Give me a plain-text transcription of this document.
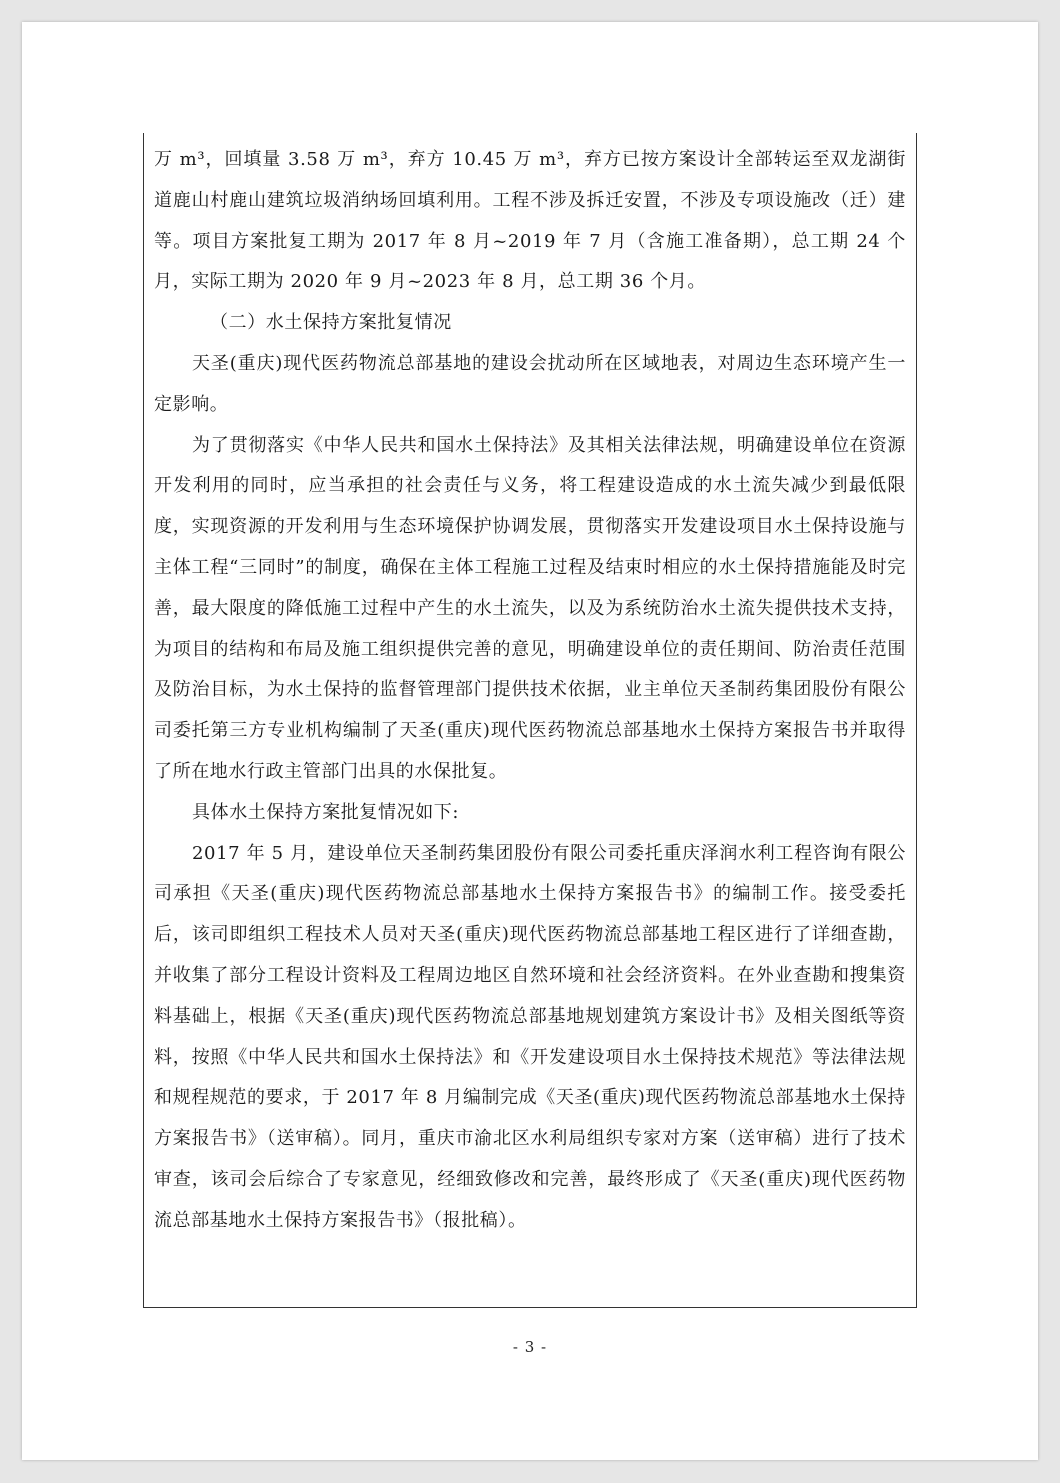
万 m³，回填量 3.58 万 m³，弃方 10.45 万 m³，弃方已按方案设计全部转运至双龙湖街道鹿山村鹿山建筑垃圾消纳场回填利用。工程不涉及拆迁安置，不涉及专项设施改（迁）建等。项目方案批复工期为 2017 年 8 月~2019 年 7 月（含施工准备期），总工期 24 个月，实际工期为 2020 年 9 月~2023 年 8 月，总工期 36 个月。

（二）水土保持方案批复情况

天圣(重庆)现代医药物流总部基地的建设会扰动所在区域地表，对周边生态环境产生一定影响。

为了贯彻落实《中华人民共和国水土保持法》及其相关法律法规，明确建设单位在资源开发利用的同时，应当承担的社会责任与义务，将工程建设造成的水土流失减少到最低限度，实现资源的开发利用与生态环境保护协调发展，贯彻落实开发建设项目水土保持设施与主体工程“三同时”的制度，确保在主体工程施工过程及结束时相应的水土保持措施能及时完善，最大限度的降低施工过程中产生的水土流失，以及为系统防治水土流失提供技术支持，为项目的结构和布局及施工组织提供完善的意见，明确建设单位的责任期间、防治责任范围及防治目标，为水土保持的监督管理部门提供技术依据，业主单位天圣制药集团股份有限公司委托第三方专业机构编制了天圣(重庆)现代医药物流总部基地水土保持方案报告书并取得了所在地水行政主管部门出具的水保批复。

具体水土保持方案批复情况如下:

2017 年 5 月，建设单位天圣制药集团股份有限公司委托重庆泽润水利工程咨询有限公司承担《天圣(重庆)现代医药物流总部基地水土保持方案报告书》的编制工作。接受委托后，该司即组织工程技术人员对天圣(重庆)现代医药物流总部基地工程区进行了详细查勘，并收集了部分工程设计资料及工程周边地区自然环境和社会经济资料。在外业查勘和搜集资料基础上，根据《天圣(重庆)现代医药物流总部基地规划建筑方案设计书》及相关图纸等资料，按照《中华人民共和国水土保持法》和《开发建设项目水土保持技术规范》等法律法规和规程规范的要求，于 2017 年 8 月编制完成《天圣(重庆)现代医药物流总部基地水土保持方案报告书》（送审稿）。同月，重庆市渝北区水利局组织专家对方案（送审稿）进行了技术审查，该司会后综合了专家意见，经细致修改和完善，最终形成了《天圣(重庆)现代医药物流总部基地水土保持方案报告书》（报批稿）。

- 3 -
